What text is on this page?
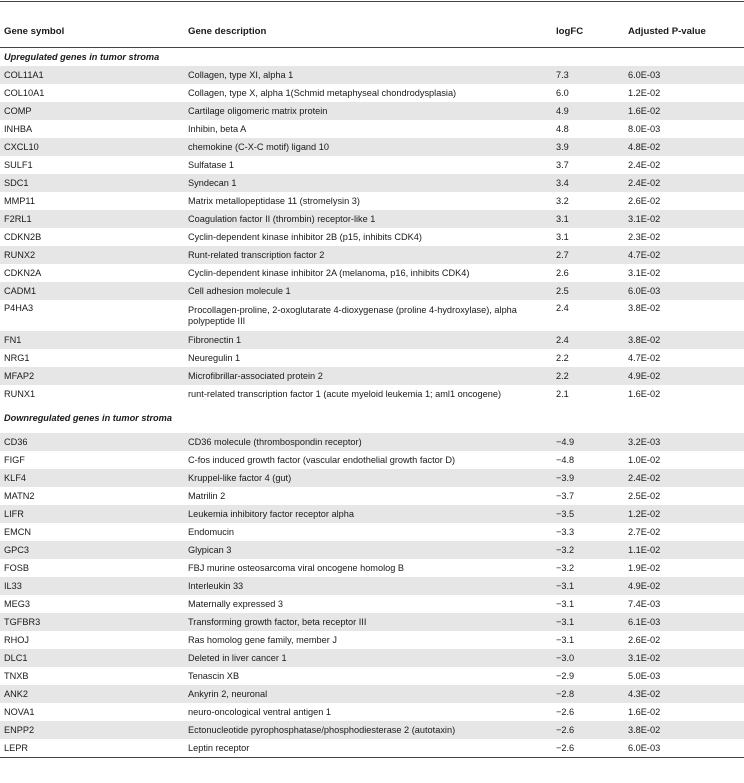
Gene symbol	Gene description	logFC	Adjusted P-value
Upregulated genes in tumor stroma			
COL11A1	Collagen, type XI, alpha 1	7.3	6.0E-03
COL10A1	Collagen, type X, alpha 1(Schmid metaphyseal chondrodysplasia)	6.0	1.2E-02
COMP	Cartilage oligomeric matrix protein	4.9	1.6E-02
INHBA	Inhibin, beta A	4.8	8.0E-03
CXCL10	chemokine (C-X-C motif) ligand 10	3.9	4.8E-02
SULF1	Sulfatase 1	3.7	2.4E-02
SDC1	Syndecan 1	3.4	2.4E-02
MMP11	Matrix metallopeptidase 11 (stromelysin 3)	3.2	2.6E-02
F2RL1	Coagulation factor II (thrombin) receptor-like 1	3.1	3.1E-02
CDKN2B	Cyclin-dependent kinase inhibitor 2B (p15, inhibits CDK4)	3.1	2.3E-02
RUNX2	Runt-related transcription factor 2	2.7	4.7E-02
CDKN2A	Cyclin-dependent kinase inhibitor 2A (melanoma, p16, inhibits CDK4)	2.6	3.1E-02
CADM1	Cell adhesion molecule 1	2.5	6.0E-03
P4HA3	Procollagen-proline, 2-oxoglutarate 4-dioxygenase (proline 4-hydroxylase), alpha polypeptide III	2.4	3.8E-02
FN1	Fibronectin 1	2.4	3.8E-02
NRG1	Neuregulin 1	2.2	4.7E-02
MFAP2	Microfibrillar-associated protein 2	2.2	4.9E-02
RUNX1	runt-related transcription factor 1 (acute myeloid leukemia 1; aml1 oncogene)	2.1	1.6E-02
Downregulated genes in tumor stroma			
CD36	CD36 molecule (thrombospondin receptor)	−4.9	3.2E-03
FIGF	C-fos induced growth factor (vascular endothelial growth factor D)	−4.8	1.0E-02
KLF4	Kruppel-like factor 4 (gut)	−3.9	2.4E-02
MATN2	Matrilin 2	−3.7	2.5E-02
LIFR	Leukemia inhibitory factor receptor alpha	−3.5	1.2E-02
EMCN	Endomucin	−3.3	2.7E-02
GPC3	Glypican 3	−3.2	1.1E-02
FOSB	FBJ murine osteosarcoma viral oncogene homolog B	−3.2	1.9E-02
IL33	Interleukin 33	−3.1	4.9E-02
MEG3	Maternally expressed 3	−3.1	7.4E-03
TGFBR3	Transforming growth factor, beta receptor III	−3.1	6.1E-03
RHOJ	Ras homolog gene family, member J	−3.1	2.6E-02
DLC1	Deleted in liver cancer 1	−3.0	3.1E-02
TNXB	Tenascin XB	−2.9	5.0E-03
ANK2	Ankyrin 2, neuronal	−2.8	4.3E-02
NOVA1	neuro-oncological ventral antigen 1	−2.6	1.6E-02
ENPP2	Ectonucleotide pyrophosphatase/phosphodiesterase 2 (autotaxin)	−2.6	3.8E-02
LEPR	Leptin receptor	−2.6	6.0E-03
